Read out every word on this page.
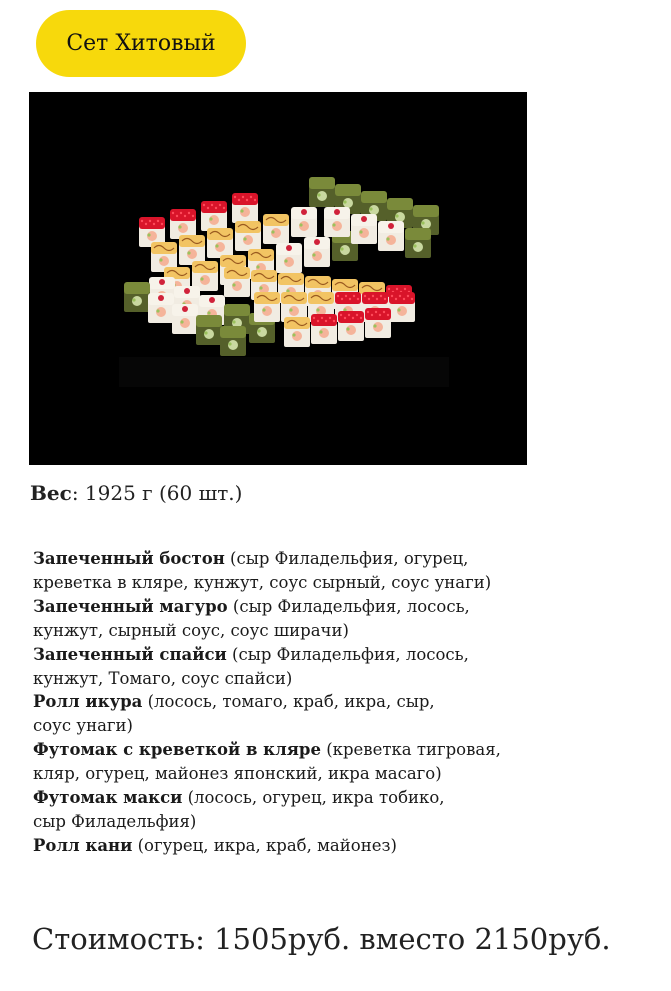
Сет Хитовый
Вес: 1925 г (60 шт.)
Запеченный бостон (сыр Филадельфия, огурец,
креветка в кляре, кунжут, соус сырный, соус унаги)
Запеченный магуро (сыр Филадельфия, лосось,
кунжут, сырный соус, соус ширачи)
Запеченный спайси (сыр Филадельфия, лосось,
кунжут, Томаго, соус спайси)
Ролл икура (лосось, томаго, краб, икра, сыр,
соус унаги)
Футомак с креветкой в кляре (креветка тигровая,
кляр, огурец, майонез японский, икра масаго)
Футомак макси (лосось, огурец, икра тобико,
сыр Филадельфия)
Ролл кани (огурец, икра, краб, майонез)
Стоимость: 1505руб. вместо 2150руб.
